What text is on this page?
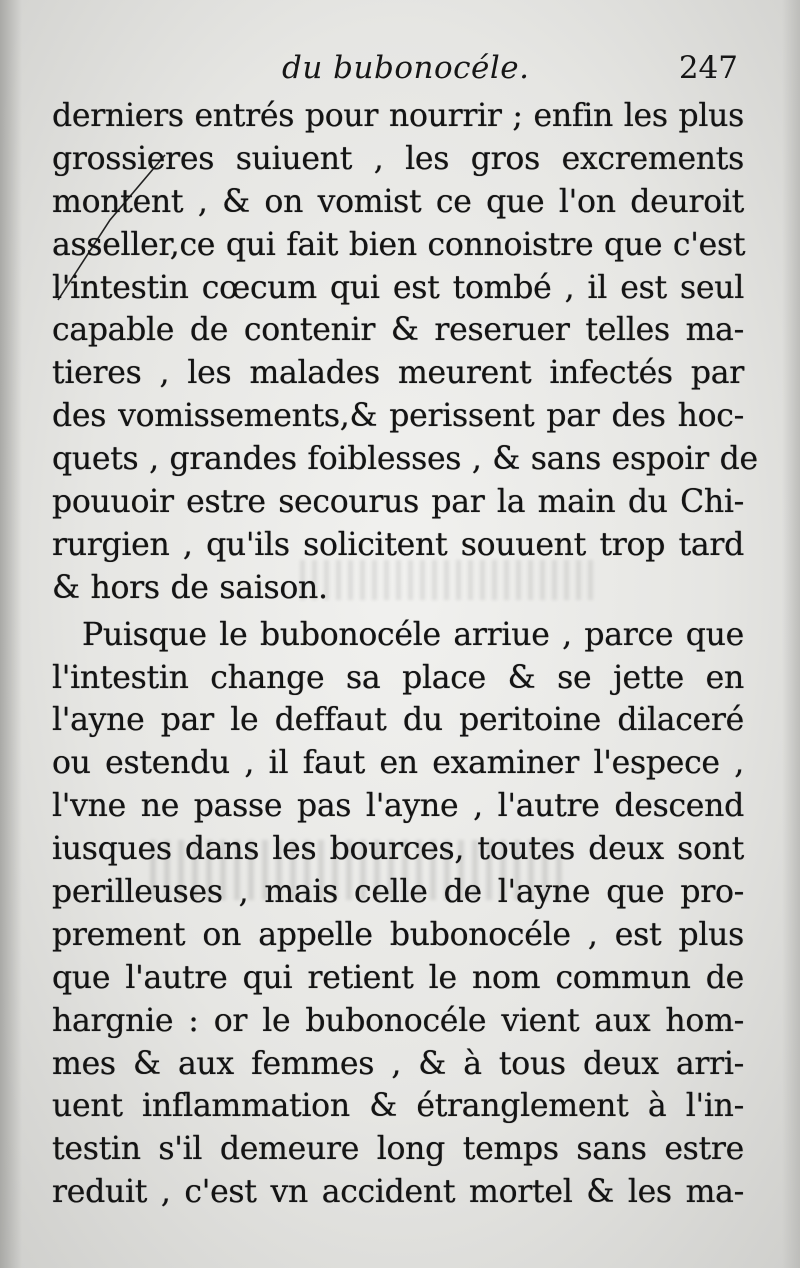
du bubonocéle.	247
derniers entrés pour nourrir ; enfin les plus
grossieres suiuent , les gros excrements
montent , & on vomist ce que l'on deuroit
asseller,ce qui fait bien connoistre que c'est
l'intestin cœcum qui est tombé , il est seul
capable de contenir & reseruer telles ma-
tieres , les malades meurent infectés par
des vomissements,& perissent par des hoc-
quets , grandes foiblesses , & sans espoir de
pouuoir estre secourus par la main du Chi-
rurgien , qu'ils solicitent souuent trop tard
& hors de saison.
Puisque le bubonocéle arriue , parce que
l'intestin change sa place & se jette en
l'ayne par le deffaut du peritoine dilaceré
ou estendu , il faut en examiner l'espece ,
l'vne ne passe pas l'ayne , l'autre descend
iusques dans les bources, toutes deux sont
perilleuses , mais celle de l'ayne que pro-
prement on appelle bubonocéle , est plus
que l'autre qui retient le nom commun de
hargnie : or le bubonocéle vient aux hom-
mes & aux femmes , & à tous deux arri-
uent inflammation & étranglement à l'in-
testin s'il demeure long temps sans estre
reduit , c'est vn accident mortel & les ma-
